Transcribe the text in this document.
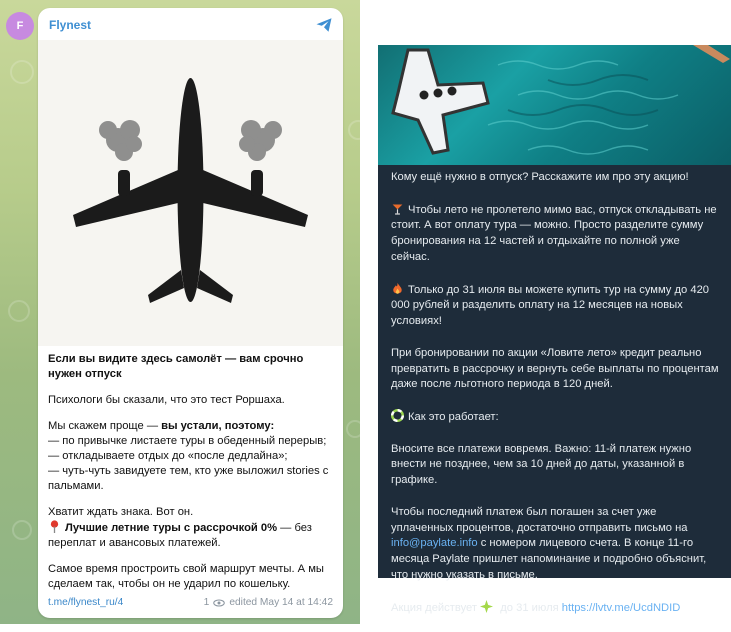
F Flynest

Если вы видите здесь самолёт — вам срочно нужен отпуск

Психологи бы сказали, что это тест Роршаха.

Мы скажем проще — вы устали, поэтому:
— по привычке листаете туры в обеденный перерыв;
— откладываете отдых до «после дедлайна»;
— чуть-чуть завидуете тем, кто уже выложил stories с пальмами.

Хватит ждать знака. Вот он.
Лучшие летние туры с рассрочкой 0% — без переплат и авансовых платежей.

Самое время простроить свой маршрут мечты. А мы сделаем так, чтобы он не ударил по кошельку.

t.me/flynest_ru/4	1 edited May 14 at 14:42

Кому ещё нужно в отпуск? Расскажите им про эту акцию!

Чтобы лето не пролетело мимо вас, отпуск откладывать не стоит. А вот оплату тура — можно. Просто разделите сумму бронирования на 12 частей и отдыхайте по полной уже сейчас.

Только до 31 июля вы можете купить тур на сумму до 420 000 рублей и разделить оплату на 12 месяцев на новых условиях!

При бронировании по акции «Ловите лето» кредит реально превратить в рассрочку и вернуть себе выплаты по процентам даже после льготного периода в 120 дней.

Как это работает:

Вносите все платежи вовремя. Важно: 11-й платеж нужно внести не позднее, чем за 10 дней до даты, указанной в графике.

Чтобы последний платеж был погашен за счет уже уплаченных процентов, достаточно отправить письмо на info@paylate.info с номером лицевого счета. В конце 11-го месяца Paylate пришлет напоминание и подробно объяснит, что нужно указать в письме.

Акция действует  до 31 июля https://lvtv.me/UcdNDID
